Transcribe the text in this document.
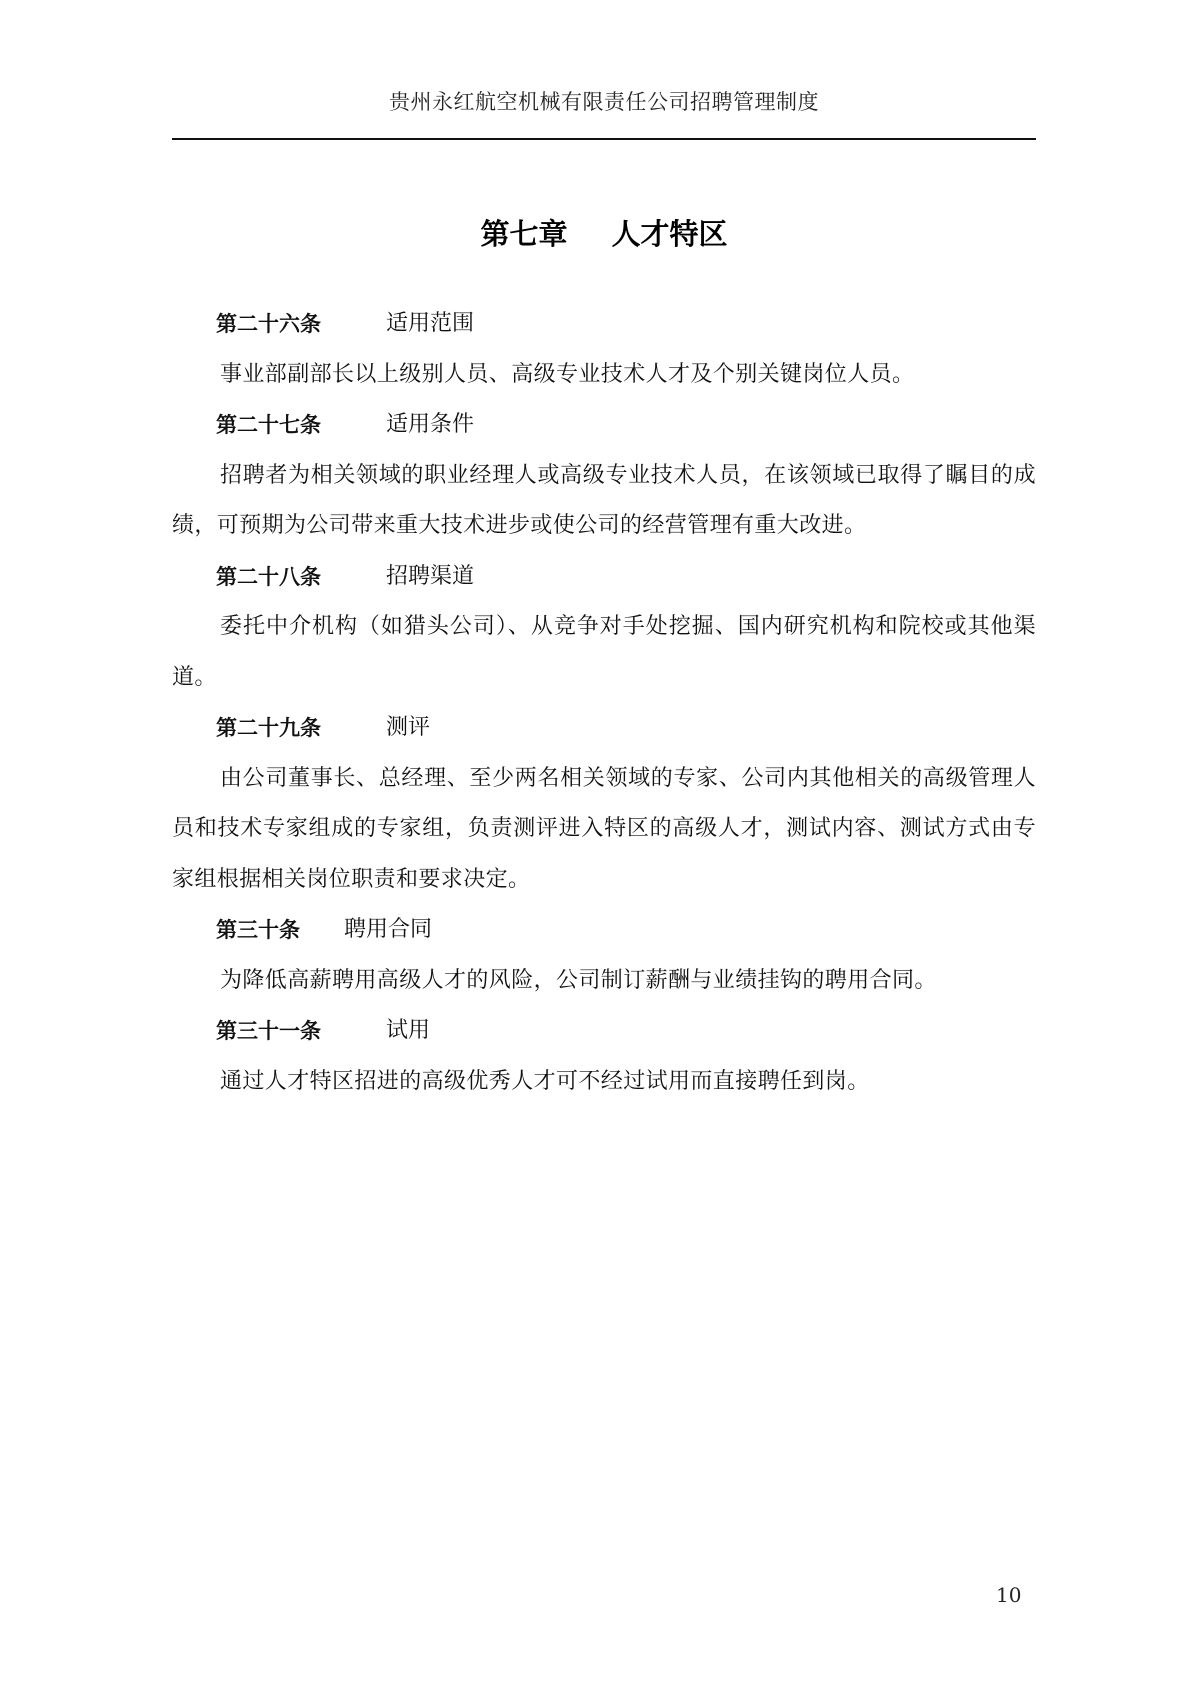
贵州永红航空机械有限责任公司招聘管理制度
第七章 人才特区
第二十六条	适用范围

事业部副部长以上级别人员、高级专业技术人才及个别关键岗位人员。

第二十七条	适用条件

招聘者为相关领域的职业经理人或高级专业技术人员，在该领域已取得了瞩目的成绩，可预期为公司带来重大技术进步或使公司的经营管理有重大改进。

第二十八条	招聘渠道

委托中介机构（如猎头公司）、从竞争对手处挖掘、国内研究机构和院校或其他渠道。

第二十九条	测评

由公司董事长、总经理、至少两名相关领域的专家、公司内其他相关的高级管理人员和技术专家组成的专家组，负责测评进入特区的高级人才，测试内容、测试方式由专家组根据相关岗位职责和要求决定。

第三十条	聘用合同

为降低高薪聘用高级人才的风险，公司制订薪酬与业绩挂钩的聘用合同。

第三十一条	试用

通过人才特区招进的高级优秀人才可不经过试用而直接聘任到岗。

10
